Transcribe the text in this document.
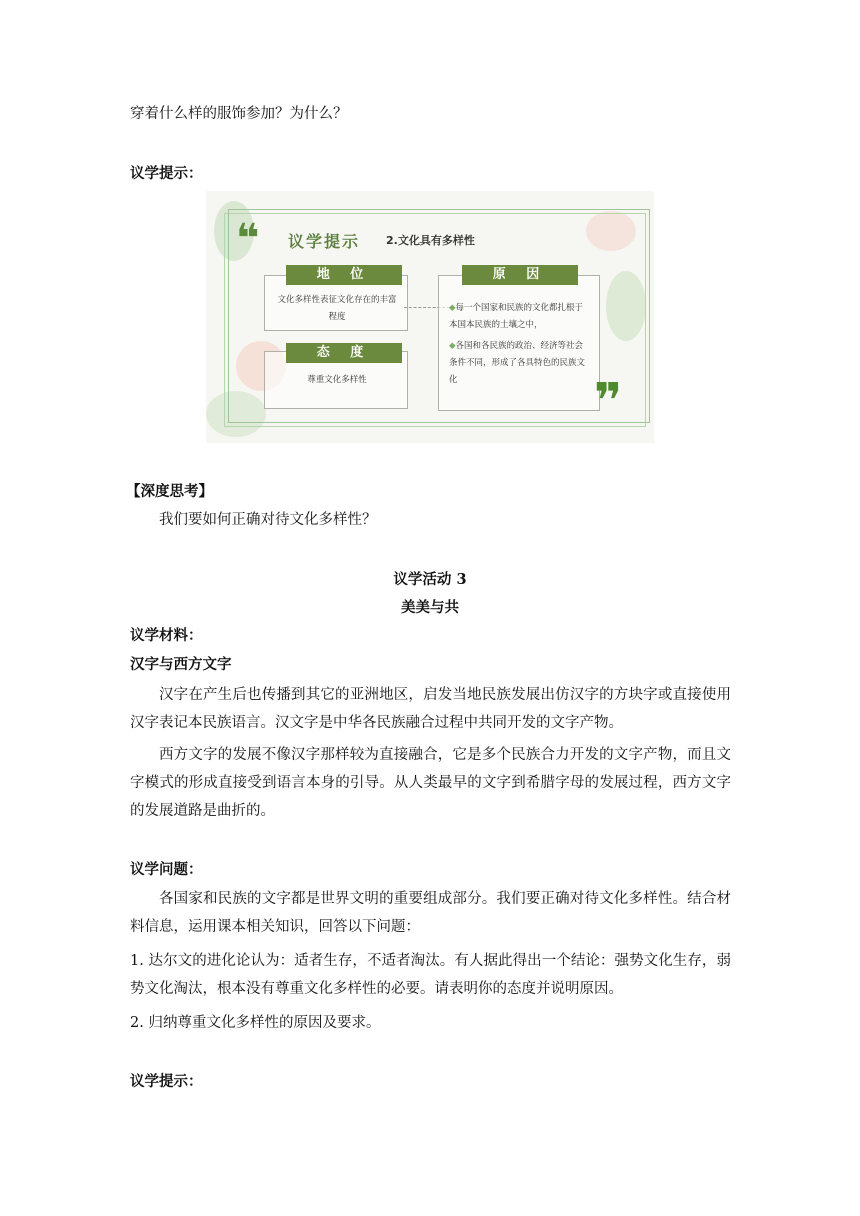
穿着什么样的服饰参加？为什么？

议学提示：

❝ 议学提示 2.文化具有多样性
文化多样性表征文化存在的丰富程度
地 位
尊重文化多样性
态 度
◆每一个国家和民族的文化都扎根于本国本民族的土壤之中，
◆各国和各民族的政治、经济等社会条件不同，形成了各具特色的民族文化
原 因
❞

【深度思考】

我们要如何正确对待文化多样性？

议学活动 3

美美与共

议学材料：

汉字与西方文字

汉字在产生后也传播到其它的亚洲地区，启发当地民族发展出仿汉字的方块字或直接使用汉字表记本民族语言。汉文字是中华各民族融合过程中共同开发的文字产物。

西方文字的发展不像汉字那样较为直接融合，它是多个民族合力开发的文字产物，而且文字模式的形成直接受到语言本身的引导。从人类最早的文字到希腊字母的发展过程，西方文字的发展道路是曲折的。

议学问题：

各国家和民族的文字都是世界文明的重要组成部分。我们要正确对待文化多样性。结合材料信息，运用课本相关知识，回答以下问题：

1. 达尔文的进化论认为：适者生存，不适者淘汰。有人据此得出一个结论：强势文化生存，弱势文化淘汰，根本没有尊重文化多样性的必要。请表明你的态度并说明原因。

2. 归纳尊重文化多样性的原因及要求。

议学提示：
